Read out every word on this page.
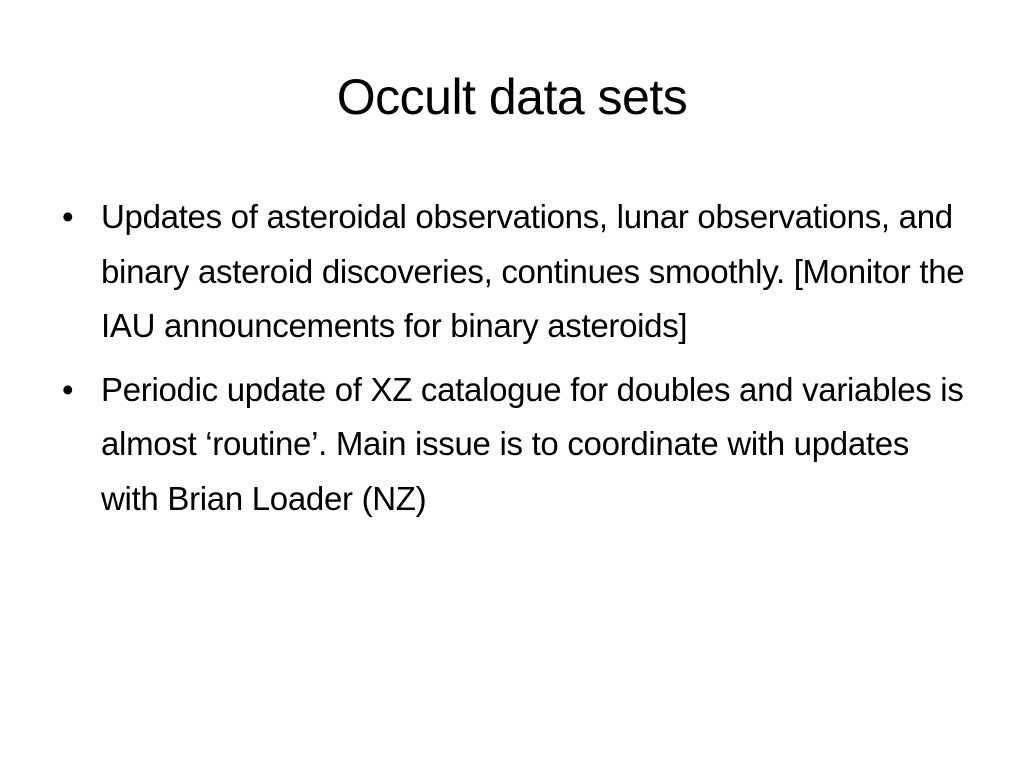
Occult data sets
• Updates of asteroidal observations, lunar observations, and binary asteroid discoveries, continues smoothly. [Monitor the IAU announcements for binary asteroids]
• Periodic update of XZ catalogue for doubles and variables is almost ‘routine’. Main issue is to coordinate with updates with Brian Loader (NZ)
